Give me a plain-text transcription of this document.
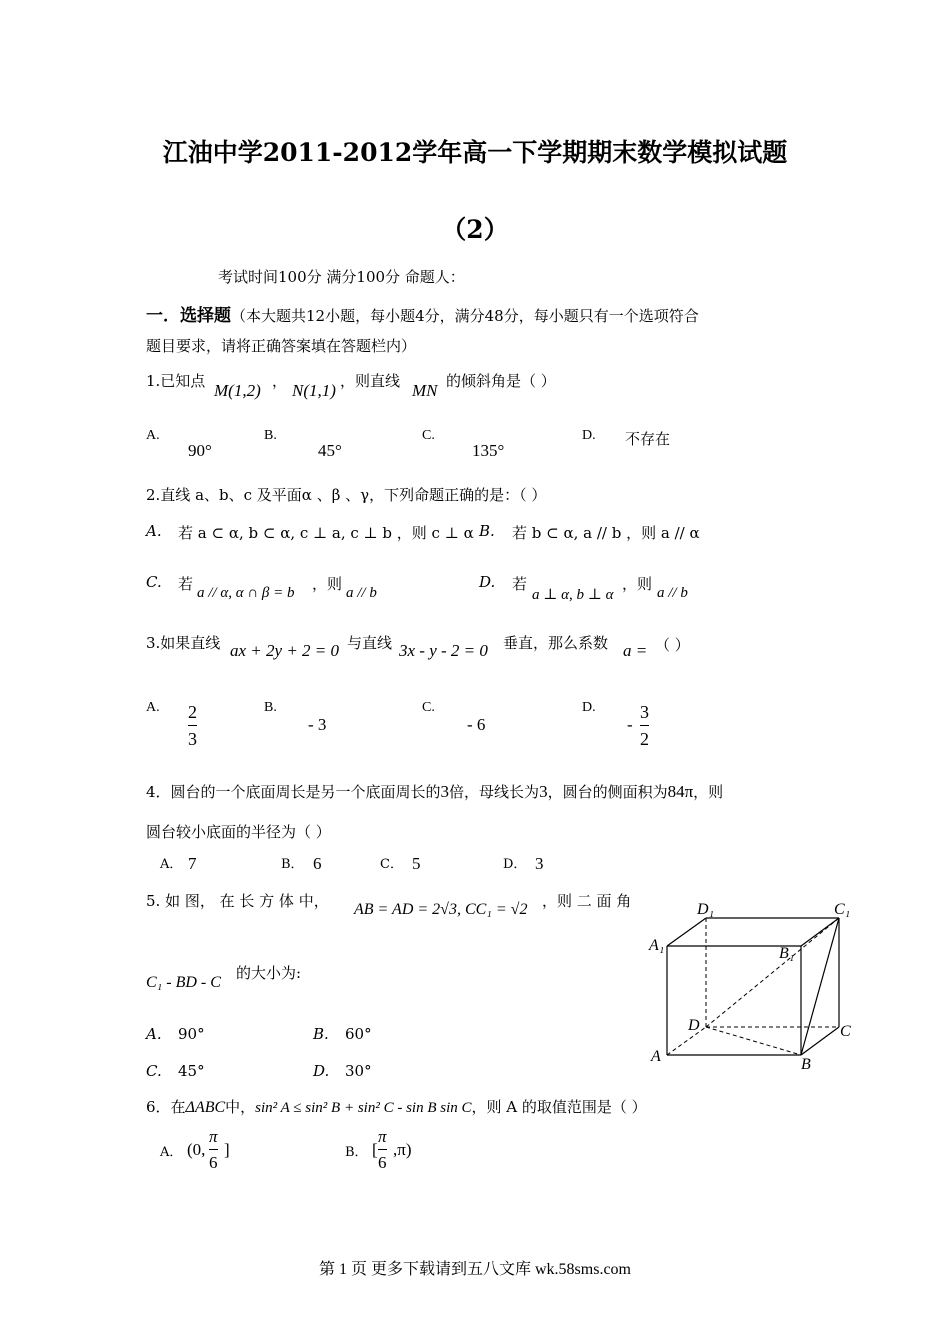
江油中学2011-2012学年高一下学期期末数学模拟试题
（2）
考试时间100分 满分100分 命题人：
一．选择题（本大题共12小题，每小题4分，满分48分，每小题只有一个选项符合
题目要求，请将正确答案填在答题栏内）
1.已知点 M(1,2) ， N(1,1) ，则直线 MN 的倾斜角是（ ）
A.
90°
B.
45°
C.
135°
D. 不存在
2.直线 a、b、c 及平面α 、β 、γ，下列命题正确的是：（ ）
A. 若 a ⊂ α, b ⊂ α, c ⊥ a, c ⊥ b ，则 c ⊥ α B. 若 b ⊂ α, a // b ，则 a // α
C. 若 a // α, α ∩ β = b ，则 a // b
D. 若
a ⊥ α, b ⊥ α
，则 a // b
3.如果直线 ax + 2y + 2 = 0 与直线 3x - y - 2 = 0 垂直，那么系数 a = （ ）
A. 2
3
B.
- 3
C.
- 6
D.
-
3
2
4．圆台的一个底面周长是另一个底面周长的3倍，母线长为3，圆台的侧面积为84π，则
圆台较小底面的半径为（ ）
A． 7	B． 6	C． 5	D． 3
5. 如 图， 在 长 方 体 中， AB = AD = 2√3, CC₁ = √2 ，则 二 面 角
C₁ - BD - C
的大小为:
A. 90°	B. 60°
C. 45°	D. 30°
D₁	C₁
A₁	B₁
D	C
A	B
6．在ΔABC中，sin² A ≤ sin² B + sin² C - sin B sin C，则 A 的取值范围是（ ）
A． (0,
π
6
]	B． [
π
6
,π)
第 1 页 更多下载请到五八文库 wk.58sms.com
